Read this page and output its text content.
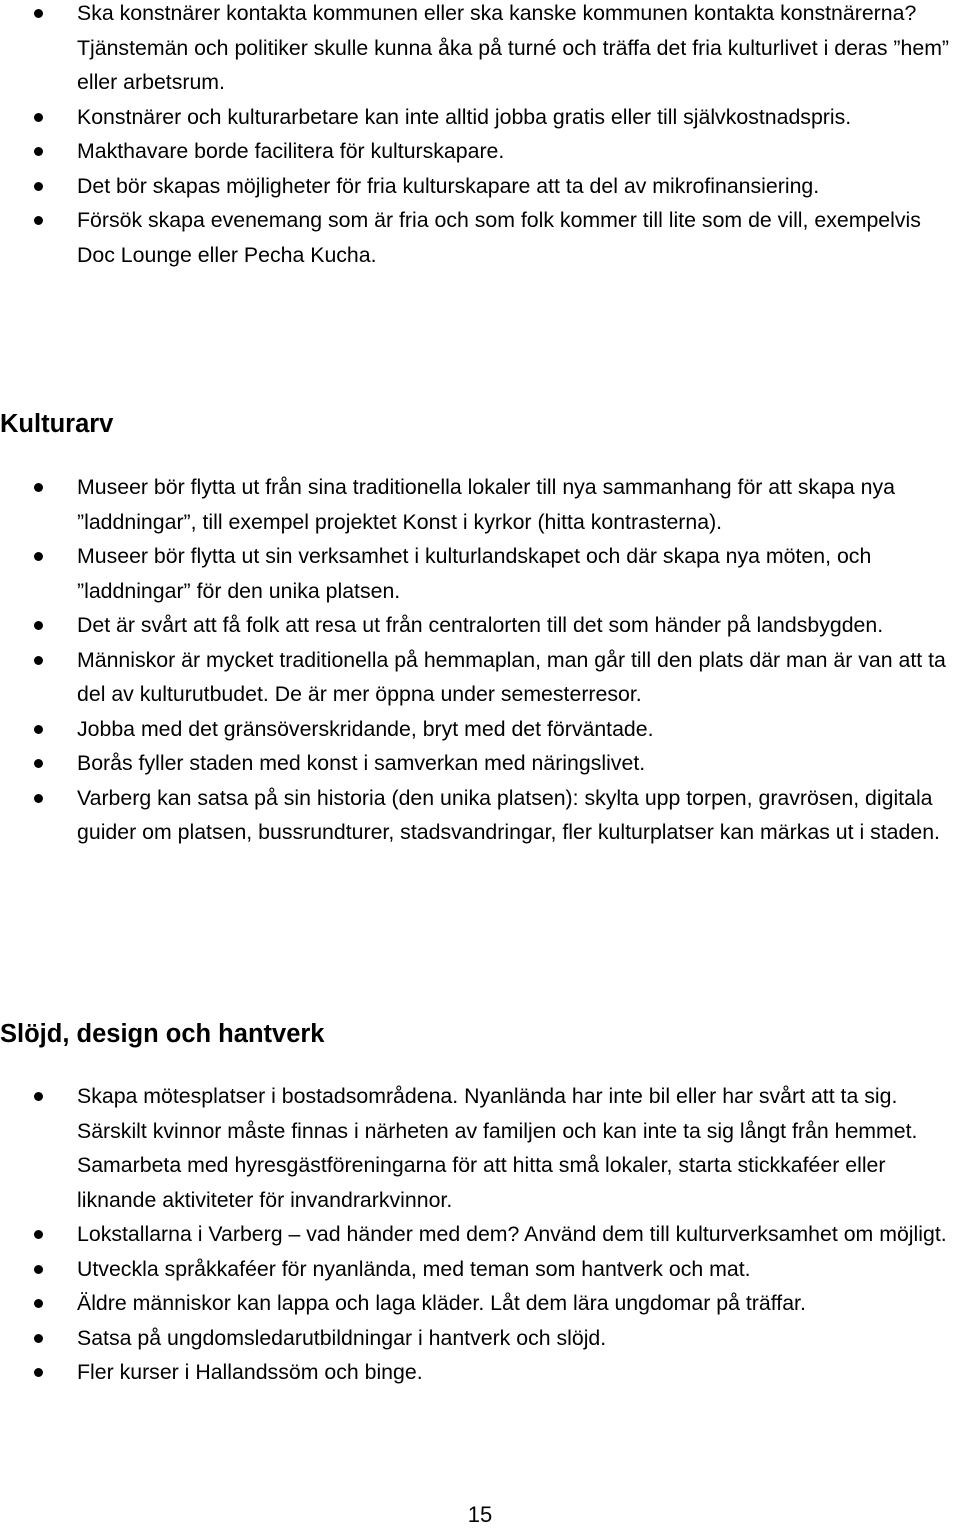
Ska konstnärer kontakta kommunen eller ska kanske kommunen kontakta konstnärerna? Tjänstemän och politiker skulle kunna åka på turné och träffa det fria kulturlivet i deras ”hem” eller arbetsrum.
Konstnärer och kulturarbetare kan inte alltid jobba gratis eller till självkostnadspris.
Makthavare borde facilitera för kulturskapare.
Det bör skapas möjligheter för fria kulturskapare att ta del av mikrofinansiering.
Försök skapa evenemang som är fria och som folk kommer till lite som de vill, exempelvis Doc Lounge eller Pecha Kucha.
Kulturarv
Museer bör flytta ut från sina traditionella lokaler till nya sammanhang för att skapa nya ”laddningar”, till exempel projektet Konst i kyrkor (hitta kontrasterna).
Museer bör flytta ut sin verksamhet i kulturlandskapet och där skapa nya möten, och ”laddningar” för den unika platsen.
Det är svårt att få folk att resa ut från centralorten till det som händer på landsbygden.
Människor är mycket traditionella på hemmaplan, man går till den plats där man är van att ta del av kulturutbudet. De är mer öppna under semesterresor.
Jobba med det gränsöverskridande, bryt med det förväntade.
Borås fyller staden med konst i samverkan med näringslivet.
Varberg kan satsa på sin historia (den unika platsen): skylta upp torpen, gravrösen, digitala guider om platsen, bussrundturer, stadsvandringar, fler kulturplatser kan märkas ut i staden.
Slöjd, design och hantverk
Skapa mötesplatser i bostadsområdena. Nyanlända har inte bil eller har svårt att ta sig. Särskilt kvinnor måste finnas i närheten av familjen och kan inte ta sig långt från hemmet. Samarbeta med hyresgästföreningarna för att hitta små lokaler, starta stickkaféer eller liknande aktiviteter för invandrarkvinnor.
Lokstallarna i Varberg – vad händer med dem? Använd dem till kulturverksamhet om möjligt.
Utveckla språkkaféer för nyanlända, med teman som hantverk och mat.
Äldre människor kan lappa och laga kläder. Låt dem lära ungdomar på träffar.
Satsa på ungdomsledarutbildningar i hantverk och slöjd.
Fler kurser i Hallandssöm och binge.
15
